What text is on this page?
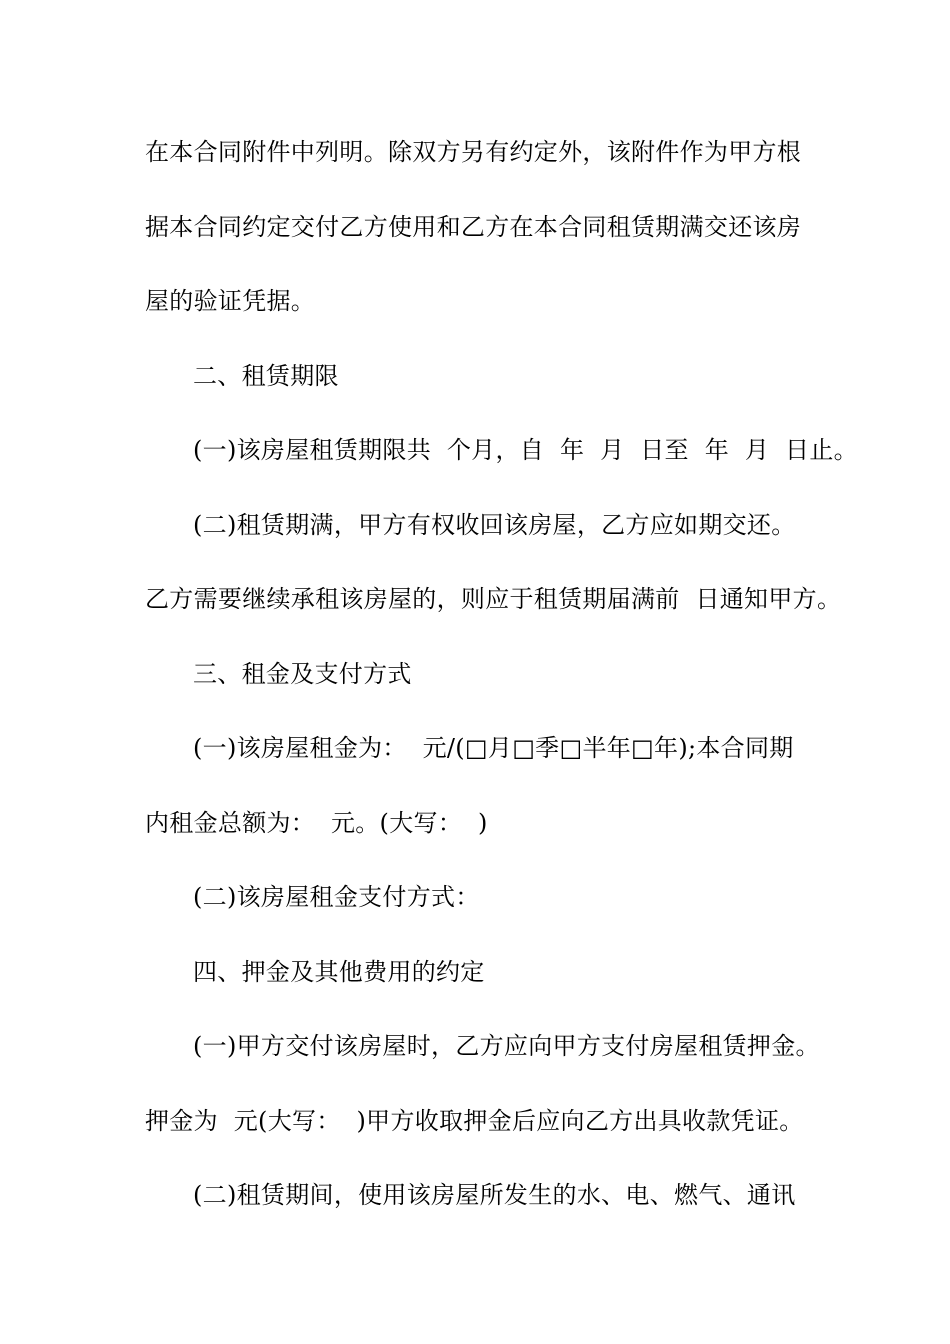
在本合同附件中列明。除双方另有约定外，该附件作为甲方根
据本合同约定交付乙方使用和乙方在本合同租赁期满交还该房
屋的验证凭据。
二、租赁期限
(一)该房屋租赁期限共  个月，自  年  月  日至  年  月  日止。
(二)租赁期满，甲方有权收回该房屋，乙方应如期交还。
乙方需要继续承租该房屋的，则应于租赁期届满前  日通知甲方。
三、租金及支付方式
(一)该房屋租金为：  元/(□月□季□半年□年);本合同期
内租金总额为：  元。(大写：  )
(二)该房屋租金支付方式：
四、押金及其他费用的约定
(一)甲方交付该房屋时，乙方应向甲方支付房屋租赁押金。
押金为  元(大写：  )甲方收取押金后应向乙方出具收款凭证。
(二)租赁期间，使用该房屋所发生的水、电、燃气、通讯
